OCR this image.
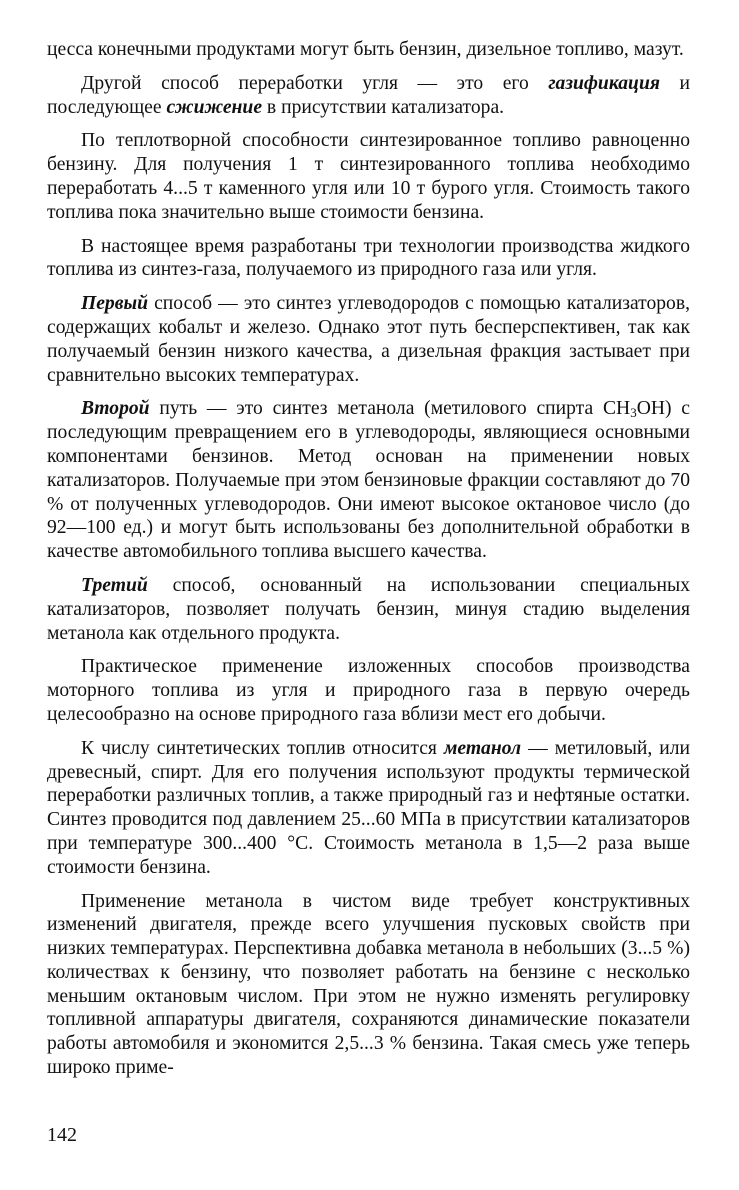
цесса конечными продуктами могут быть бензин, дизельное топливо, мазут.

Другой способ переработки угля — это его газификация и последующее сжижение в присутствии катализатора.

По теплотворной способности синтезированное топливо равноценно бензину. Для получения 1 т синтезированного топлива необходимо переработать 4...5 т каменного угля или 10 т бурого угля. Стоимость такого топлива пока значительно выше стоимости бензина.

В настоящее время разработаны три технологии производства жидкого топлива из синтез-газа, получаемого из природного газа или угля.

Первый способ — это синтез углеводородов с помощью катализаторов, содержащих кобальт и железо. Однако этот путь бесперспективен, так как получаемый бензин низкого качества, а дизельная фракция застывает при сравнительно высоких температурах.

Второй путь — это синтез метанола (метилового спирта $CH_3OH$) с последующим превращением его в углеводороды, являющиеся основными компонентами бензинов. Метод основан на применении новых катализаторов. Получаемые при этом бензиновые фракции составляют до 70 % от полученных углеводородов. Они имеют высокое октановое число (до 92—100 ед.) и могут быть использованы без дополнительной обработки в качестве автомобильного топлива высшего качества.

Третий способ, основанный на использовании специальных катализаторов, позволяет получать бензин, минуя стадию выделения метанола как отдельного продукта.

Практическое применение изложенных способов производства моторного топлива из угля и природного газа в первую очередь целесообразно на основе природного газа вблизи мест его добычи.

К числу синтетических топлив относится метанол — метиловый, или древесный, спирт. Для его получения используют продукты термической переработки различных топлив, а также природный газ и нефтяные остатки. Синтез проводится под давлением 25...60 МПа в присутствии катализаторов при температуре 300...400 °С. Стоимость метанола в 1,5—2 раза выше стоимости бензина.

Применение метанола в чистом виде требует конструктивных изменений двигателя, прежде всего улучшения пусковых свойств при низких температурах. Перспективна добавка метанола в небольших (3...5 %) количествах к бензину, что позволяет работать на бензине с несколько меньшим октановым числом. При этом не нужно изменять регулировку топливной аппаратуры двигателя, сохраняются динамические показатели работы автомобиля и экономится 2,5...3 % бензина. Такая смесь уже теперь широко приме-

142
